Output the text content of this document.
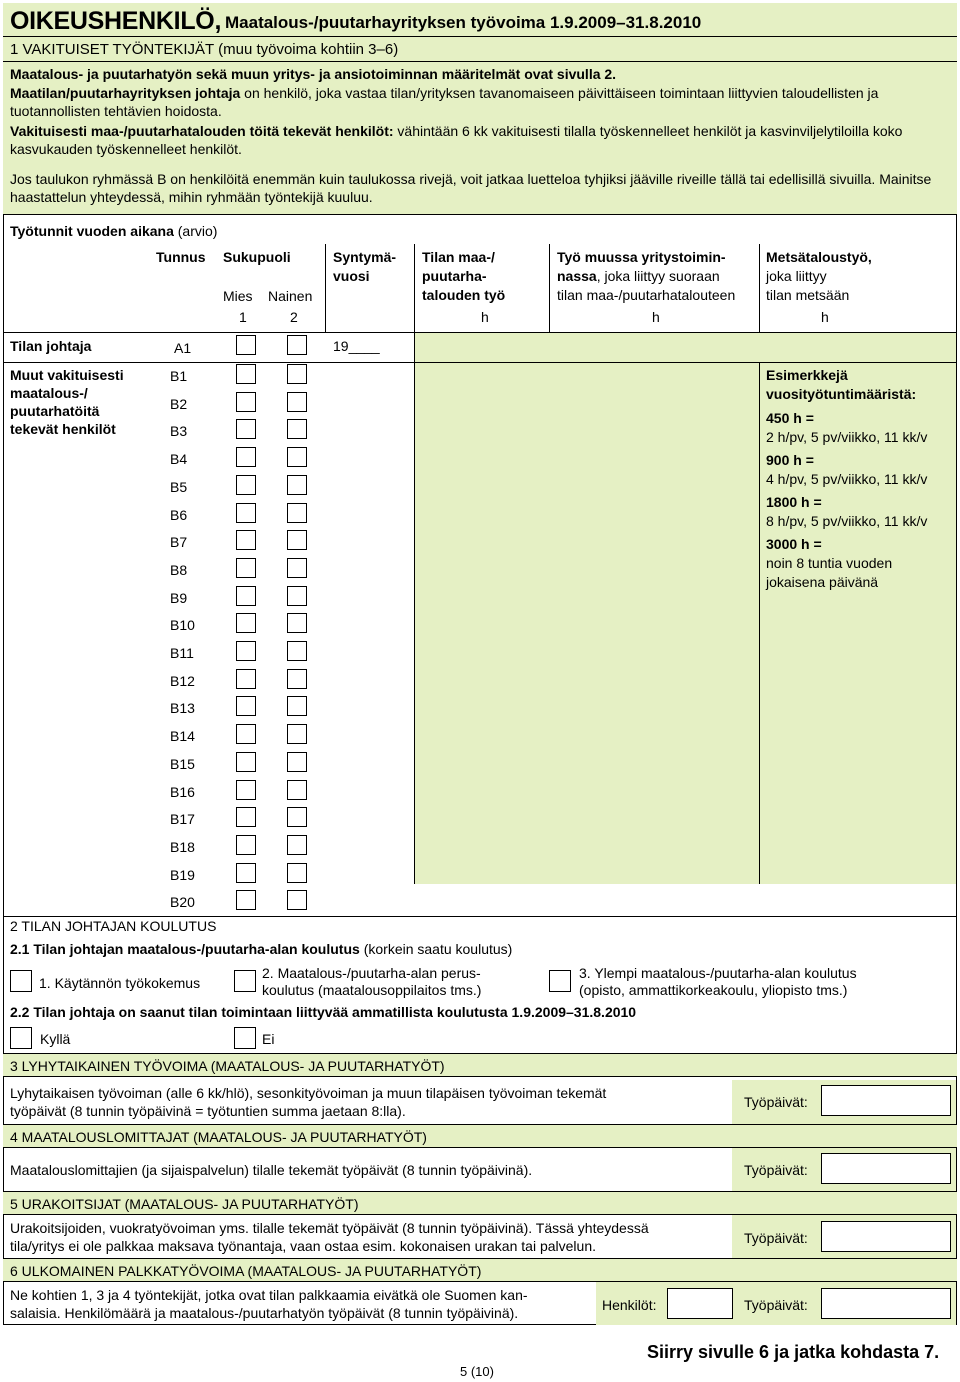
OIKEUSHENKILÖ, Maatalous-/puutarhayrityksen työvoima 1.9.2009–31.8.2010
1 VAKITUISET TYÖNTEKIJÄT (muu työvoima kohtiin 3–6)
Maatalous- ja puutarhatyön sekä muun yritys- ja ansiotoiminnan määritelmät ovat sivulla 2.
Maatilan/puutarhayrityksen johtaja on henkilö, joka vastaa tilan/yrityksen tavanomaiseen päivittäiseen toimintaan liittyvien taloudellisten ja tuotannollisten tehtävien hoidosta.
Vakituisesti maa-/puutarhatalouden töitä tekevät henkilöt: vähintään 6 kk vakituisesti tilalla työskennelleet henkilöt ja kasvinviljelytiloilla koko kasvukauden työskennelleet henkilöt.
Jos taulukon ryhmässä B on henkilöitä enemmän kuin taulukossa rivejä, voit jatkaa luetteloa tyhjiksi jääville riveille tällä tai edellisillä sivuilla. Mainitse haastattelun yhteydessä, mihin ryhmään työntekijä kuuluu.
Työtunnit vuoden aikana (arvio)
Tunnus Sukupuoli
Mies Nainen
1	2
Syntymä-
vuosi
Tilan maa-/
puutarha-
talouden työ
h
Työ muussa yritystoimin-
nassa, joka liittyy suoraan
tilan maa-/puutarhatalouteen
h
Metsätaloustyö,
joka liittyy
tilan metsään
h
Tilan johtaja	A1	19____
Muut vakituisesti maatalous-/ puutarhatöitä tekevät henkilöt
B1
B2
B3
B4
B5
B6
B7
B8
B9
B10
B11
B12
B13
B14
B15
B16
B17
B18
B19
B20
Esimerkkejä vuosityötuntimääristä:
450 h =
2 h/pv, 5 pv/viikko, 11 kk/v
900 h =
4 h/pv, 5 pv/viikko, 11 kk/v
1800 h =
8 h/pv, 5 pv/viikko, 11 kk/v
3000 h =
noin 8 tuntia vuoden jokaisena päivänä
2 TILAN JOHTAJAN KOULUTUS
2.1 Tilan johtajan maatalous-/puutarha-alan koulutus (korkein saatu koulutus)
1. Käytännön työkokemus
2. Maatalous-/puutarha-alan perus-
koulutus (maatalousoppilaitos tms.)
3. Ylempi maatalous-/puutarha-alan koulutus
(opisto, ammattikorkeakoulu, yliopisto tms.)
2.2 Tilan johtaja on saanut tilan toimintaan liittyvää ammatillista koulutusta 1.9.2009–31.8.2010
Kyllä	Ei
3 LYHYTAIKAINEN TYÖVOIMA (MAATALOUS- JA PUUTARHATYÖT)
Lyhytaikaisen työvoiman (alle 6 kk/hlö), sesonkityövoiman ja muun tilapäisen työvoiman tekemät
työpäivät (8 tunnin työpäivinä = työtuntien summa jaetaan 8:lla).
Työpäivät:
4 MAATALOUSLOMITTAJAT (MAATALOUS- JA PUUTARHATYÖT)
Maatalouslomittajien (ja sijaispalvelun) tilalle tekemät työpäivät (8 tunnin työpäivinä).	Työpäivät:
5 URAKOITSIJAT (MAATALOUS- JA PUUTARHATYÖT)
Urakoitsijoiden, vuokratyövoiman yms. tilalle tekemät työpäivät (8 tunnin työpäivinä). Tässä yhteydessä
tila/yritys ei ole palkkaa maksava työnantaja, vaan ostaa esim. kokonaisen urakan tai palvelun.	Työpäivät:
6 ULKOMAINEN PALKKATYÖVOIMA (MAATALOUS- JA PUUTARHATYÖT)
Ne kohtien 1, 3 ja 4 työntekijät, jotka ovat tilan palkkaamia eivätkä ole Suomen kan-
salaisia. Henkilömäärä ja maatalous-/puutarhatyön työpäivät (8 tunnin työpäivinä).	Henkilöt:	Työpäivät:
5 (10)
Siirry sivulle 6 ja jatka kohdasta 7.
